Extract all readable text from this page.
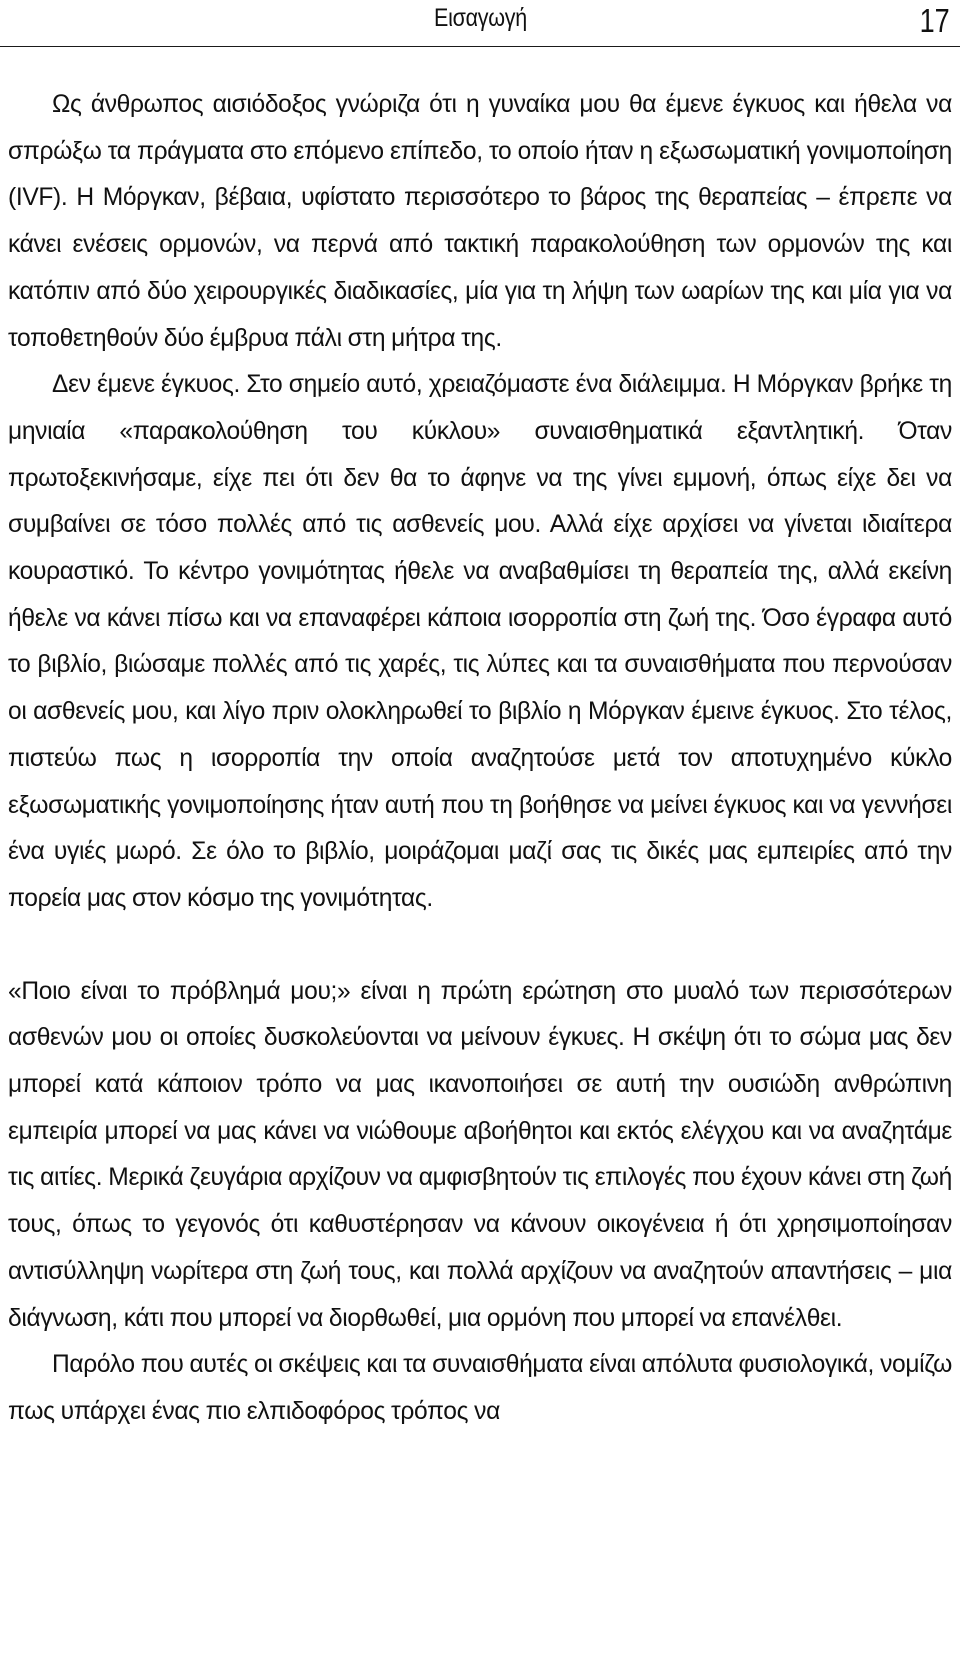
Εισαγωγή	17

Ως άνθρωπος αισιόδοξος γνώριζα ότι η γυναίκα μου θα έμενε έγκυος και ήθελα να σπρώξω τα πράγματα στο επόμενο επίπεδο, το οποίο ήταν η εξωσωματική γονιμοποίηση (IVF). Η Μόργκαν, βέβαια, υφίστατο περισσότερο το βάρος της θεραπείας – έπρεπε να κάνει ενέσεις ορμονών, να περνά από τακτική παρακολούθηση των ορμονών της και κατόπιν από δύο χειρουργικές διαδικασίες, μία για τη λήψη των ωαρίων της και μία για να τοποθετηθούν δύο έμβρυα πάλι στη μήτρα της.

Δεν έμενε έγκυος. Στο σημείο αυτό, χρειαζόμαστε ένα διάλειμμα. Η Μόργκαν βρήκε τη μηνιαία «παρακολούθηση του κύκλου» συναισθηματικά εξαντλητική. Όταν πρωτοξεκινήσαμε, είχε πει ότι δεν θα το άφηνε να της γίνει εμμονή, όπως είχε δει να συμβαίνει σε τόσο πολλές από τις ασθενείς μου. Αλλά είχε αρχίσει να γίνεται ιδιαίτερα κουραστικό. Το κέντρο γονιμότητας ήθελε να αναβαθμίσει τη θεραπεία της, αλλά εκείνη ήθελε να κάνει πίσω και να επαναφέρει κάποια ισορροπία στη ζωή της. Όσο έγραφα αυτό το βιβλίο, βιώσαμε πολλές από τις χαρές, τις λύπες και τα συναισθήματα που περνούσαν οι ασθενείς μου, και λίγο πριν ολοκληρωθεί το βιβλίο η Μόργκαν έμεινε έγκυος. Στο τέλος, πιστεύω πως η ισορροπία την οποία αναζητούσε μετά τον αποτυχημένο κύκλο εξωσωματικής γονιμοποίησης ήταν αυτή που τη βοήθησε να μείνει έγκυος και να γεννήσει ένα υγιές μωρό. Σε όλο το βιβλίο, μοιράζομαι μαζί σας τις δικές μας εμπειρίες από την πορεία μας στον κόσμο της γονιμότητας.

«Ποιο είναι το πρόβλημά μου;» είναι η πρώτη ερώτηση στο μυαλό των περισσότερων ασθενών μου οι οποίες δυσκολεύονται να μείνουν έγκυες. Η σκέψη ότι το σώμα μας δεν μπορεί κατά κάποιον τρόπο να μας ικανοποιήσει σε αυτή την ουσιώδη ανθρώπινη εμπειρία μπορεί να μας κάνει να νιώθουμε αβοήθητοι και εκτός ελέγχου και να αναζητάμε τις αιτίες. Μερικά ζευγάρια αρχίζουν να αμφισβητούν τις επιλογές που έχουν κάνει στη ζωή τους, όπως το γεγονός ότι καθυστέρησαν να κάνουν οικογένεια ή ότι χρησιμοποίησαν αντισύλληψη νωρίτερα στη ζωή τους, και πολλά αρχίζουν να αναζητούν απαντήσεις – μια διάγνωση, κάτι που μπορεί να διορθωθεί, μια ορμόνη που μπορεί να επανέλθει.

Παρόλο που αυτές οι σκέψεις και τα συναισθήματα είναι απόλυτα φυσιολογικά, νομίζω πως υπάρχει ένας πιο ελπιδοφόρος τρόπος να
